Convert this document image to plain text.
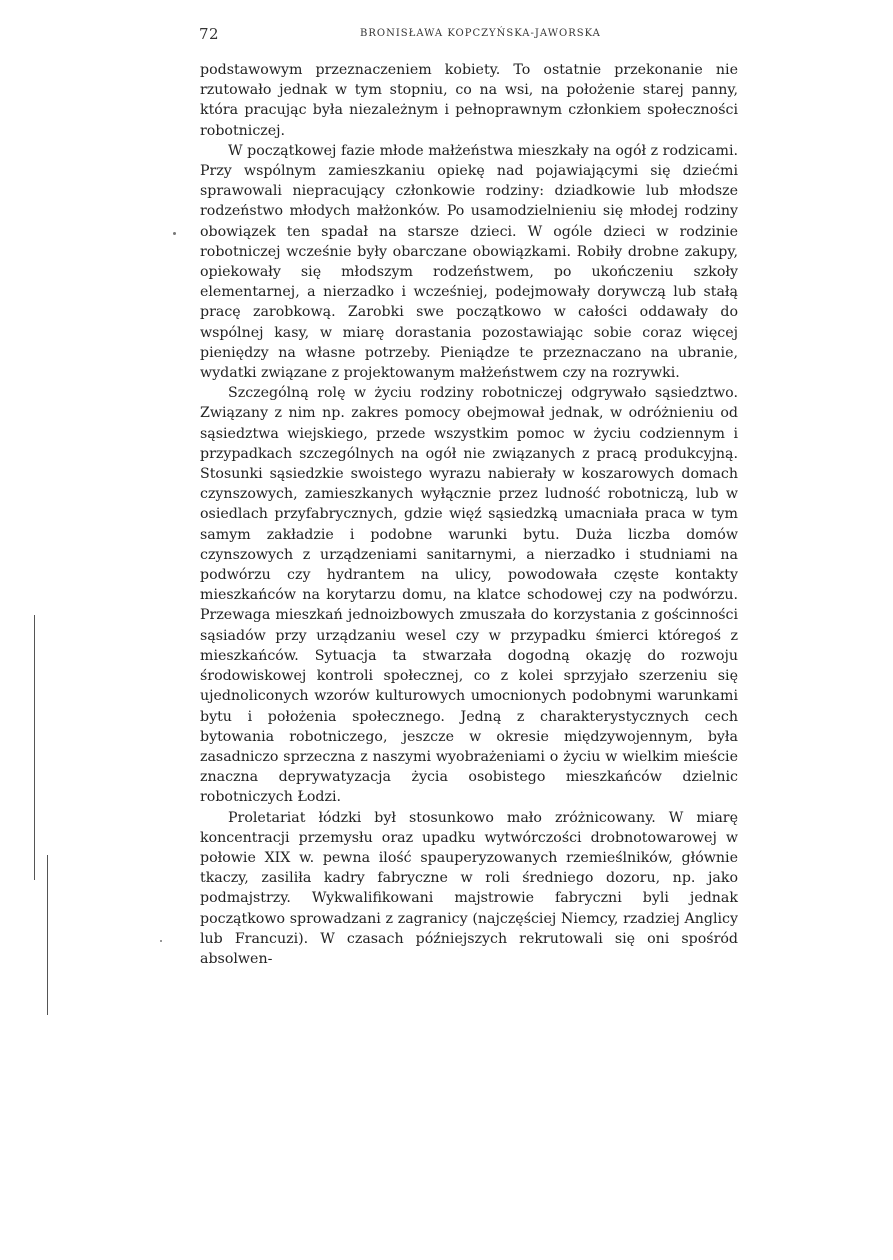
72	BRONISŁAWA KOPCZYŃSKA-JAWORSKA

podstawowym przeznaczeniem kobiety. To ostatnie przekonanie nie rzutowało jednak w tym stopniu, co na wsi, na położenie starej panny, która pracując była niezależnym i pełnoprawnym członkiem społeczności robotniczej.

W początkowej fazie młode małżeństwa mieszkały na ogół z rodzicami. Przy wspólnym zamieszkaniu opiekę nad pojawiającymi się dziećmi sprawowali niepracujący członkowie rodziny: dziadkowie lub młodsze rodzeństwo młodych małżonków. Po usamodzielnieniu się młodej rodziny obowiązek ten spadał na starsze dzieci. W ogóle dzieci w rodzinie robotniczej wcześnie były obarczane obowiązkami. Robiły drobne zakupy, opiekowały się młodszym rodzeństwem, po ukończeniu szkoły elementarnej, a nierzadko i wcześniej, podejmowały dorywczą lub stałą pracę zarobkową. Zarobki swe początkowo w całości oddawały do wspólnej kasy, w miarę dorastania pozostawiając sobie coraz więcej pieniędzy na własne potrzeby. Pieniądze te przeznaczano na ubranie, wydatki związane z projektowanym małżeństwem czy na rozrywki.

Szczególną rolę w życiu rodziny robotniczej odgrywało sąsiedztwo. Związany z nim np. zakres pomocy obejmował jednak, w odróżnieniu od sąsiedztwa wiejskiego, przede wszystkim pomoc w życiu codziennym i przypadkach szczególnych na ogół nie związanych z pracą produkcyjną. Stosunki sąsiedzkie swoistego wyrazu nabierały w koszarowych domach czynszowych, zamieszkanych wyłącznie przez ludność robotniczą, lub w osiedlach przyfabrycznych, gdzie więź sąsiedzką umacniała praca w tym samym zakładzie i podobne warunki bytu. Duża liczba domów czynszowych z urządzeniami sanitarnymi, a nierzadko i studniami na podwórzu czy hydrantem na ulicy, powodowała częste kontakty mieszkańców na korytarzu domu, na klatce schodowej czy na podwórzu. Przewaga mieszkań jednoizbowych zmuszała do korzystania z gościnności sąsiadów przy urządzaniu wesel czy w przypadku śmierci któregoś z mieszkańców. Sytuacja ta stwarzała dogodną okazję do rozwoju środowiskowej kontroli społecznej, co z kolei sprzyjało szerzeniu się ujednoliconych wzorów kulturowych umocnionych podobnymi warunkami bytu i położenia społecznego. Jedną z charakterystycznych cech bytowania robotniczego, jeszcze w okresie międzywojennym, była zasadniczo sprzeczna z naszymi wyobrażeniami o życiu w wielkim mieście znaczna deprywatyzacja życia osobistego mieszkańców dzielnic robotniczych Łodzi.

Proletariat łódzki był stosunkowo mało zróżnicowany. W miarę koncentracji przemysłu oraz upadku wytwórczości drobnotowarowej w połowie XIX w. pewna ilość spauperyzowanych rzemieślników, głównie tkaczy, zasiliła kadry fabryczne w roli średniego dozoru, np. jako podmajstrzy. Wykwalifikowani majstrowie fabryczni byli jednak początkowo sprowadzani z zagranicy (najczęściej Niemcy, rzadziej Anglicy lub Francuzi). W czasach późniejszych rekrutowali się oni spośród absolwen-
